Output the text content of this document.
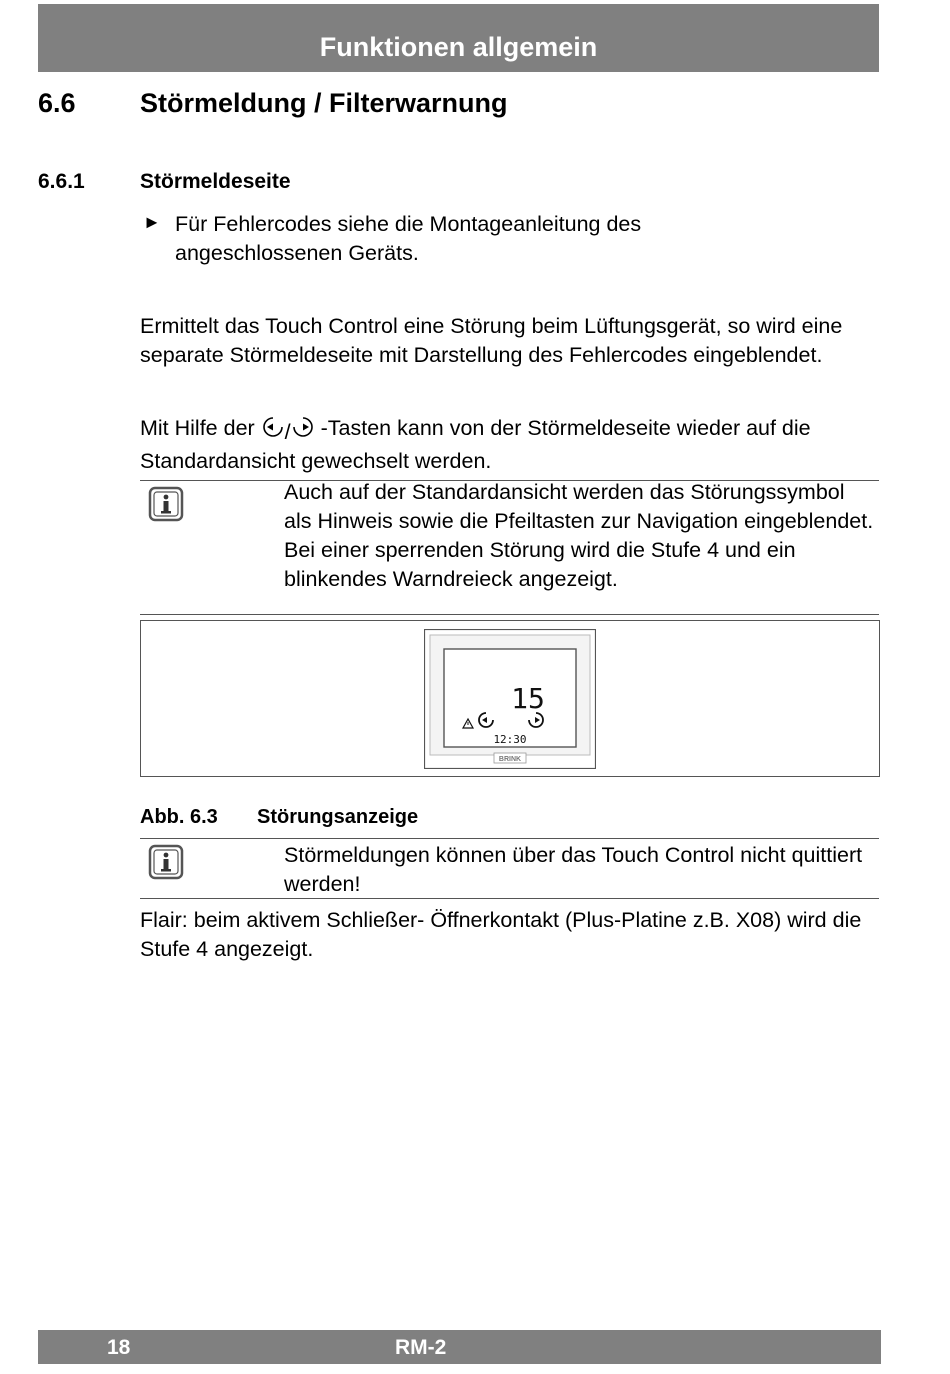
Funktionen allgemein
6.6 Störmeldung / Filterwarnung
6.6.1	Störmeldeseite
► Für Fehlercodes siehe die Montageanleitung des angeschlossenen Geräts.
Ermittelt das Touch Control eine Störung beim Lüftungsgerät, so wird eine separate Störmeldeseite mit Darstellung des Fehlercodes eingeblendet.
Mit Hilfe der / -Tasten kann von der Störmeldeseite wieder auf die Standardansicht gewechselt werden.
Auch auf der Standardansicht werden das Störungssymbol als Hinweis sowie die Pfeiltasten zur Navigation eingeblendet.
Bei einer sperrenden Störung wird die Stufe 4 und ein blinkendes Warndreieck angezeigt.
15
12:30
BRINK
Abb. 6.3 Störungsanzeige
Störmeldungen können über das Touch Control nicht quittiert werden!
Flair: beim aktivem Schließer- Öffnerkontakt (Plus-Platine z.B. X08) wird die Stufe 4 angezeigt.
18	RM-2
